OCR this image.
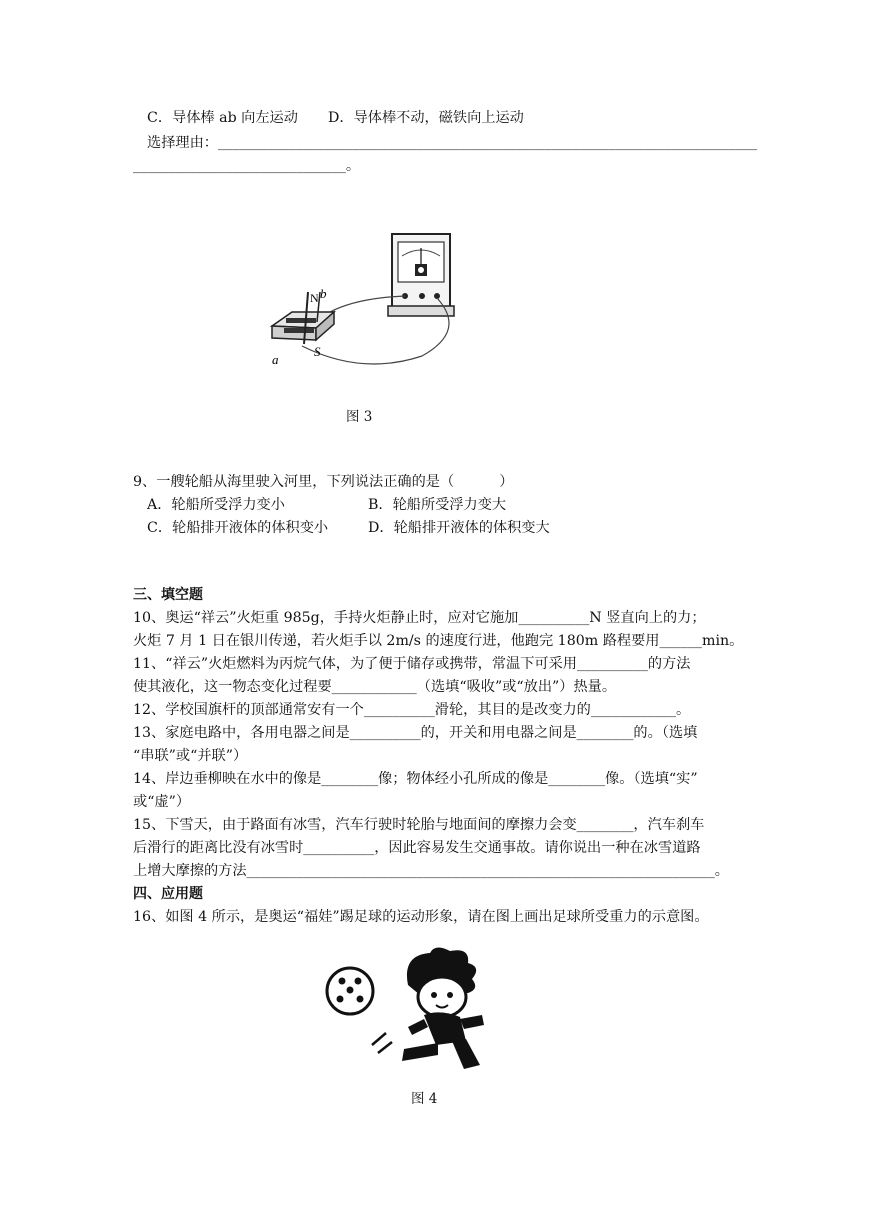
C．导体棒 ab 向左运动 D．导体棒不动，磁铁向上运动
选择理由：____________________________________________________________________________
______________________________。
N b
S
a
图 3
9、一艘轮船从海里驶入河里，下列说法正确的是（          ）
A．轮船所受浮力变小	B．轮船所受浮力变大
C．轮船排开液体的体积变小	D．轮船排开液体的体积变大
三、填空题
10、奥运“祥云”火炬重 985g，手持火炬静止时，应对它施加__________N 竖直向上的力；
火炬 7 月 1 日在银川传递，若火炬手以 2m/s 的速度行进，他跑完 180m 路程要用______min。
11、“祥云”火炬燃料为丙烷气体，为了便于储存或携带，常温下可采用__________的方法
使其液化，这一物态变化过程要____________（选填“吸收”或“放出”）热量。
12、学校国旗杆的顶部通常安有一个__________滑轮，其目的是改变力的____________。
13、家庭电路中，各用电器之间是__________的，开关和用电器之间是________的。（选填
“串联”或“并联”）
14、岸边垂柳映在水中的像是________像；物体经小孔所成的像是________像。（选填“实”
或“虚”）
15、下雪天，由于路面有冰雪，汽车行驶时轮胎与地面间的摩擦力会变________，汽车刹车
后滑行的距离比没有冰雪时__________，因此容易发生交通事故。请你说出一种在冰雪道路
上增大摩擦的方法__________________________________________________________________。
四、应用题
16、如图 4 所示，是奥运“福娃”踢足球的运动形象，请在图上画出足球所受重力的示意图。
图 4
